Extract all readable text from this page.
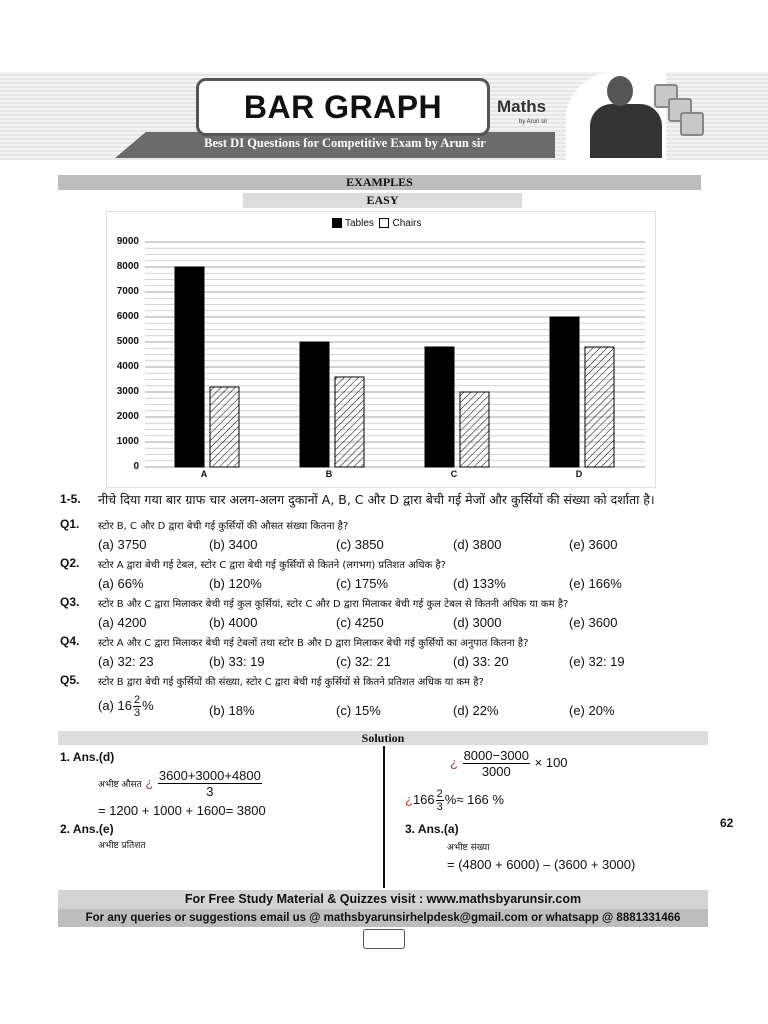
BAR GRAPH
Best DI Questions for Competitive Exam by Arun sir
Maths
by Arun sir
EXAMPLES
EASY
Tables Chairs
0
1000
2000
3000
4000
5000
6000
7000
8000
9000
A	B	C	D
1-5. नीचे दिया गया बार ग्राफ चार अलग-अलग दुकानों A, B, C और D द्वारा बेची गई मेजों और कुर्सियों की संख्या को दर्शाता है।
Q1. स्टोर B, C और D द्वारा बेची गई कुर्सियों की औसत संख्या कितना है?
(a) 3750	(b) 3400	(c) 3850	(d) 3800	(e) 3600
Q2. स्टोर A द्वारा बेची गई टेबल, स्टोर C द्वारा बेची गई कुर्सियों से कितने (लगभग) प्रतिशत अधिक है?
(a) 66%	(b) 120%	(c) 175%	(d) 133%	(e) 166%
Q3. स्टोर B और C द्वारा मिलाकर बेची गई कुल कुर्सियां, स्टोर C और D द्वारा मिलाकर बेची गई कुल टेबल से कितनी अधिक या कम है?
(a) 4200	(b) 4000	(c) 4250	(d) 3000	(e) 3600
Q4. स्टोर A और C द्वारा मिलाकर बेची गई टेबलों तथा स्टोर B और D द्वारा मिलाकर बेची गई कुर्सियों का अनुपात कितना है?
(a) 32: 23	(b) 33: 19	(c) 32: 21	(d) 33: 20	(e) 32: 19
Q5. स्टोर B द्वारा बेची गई कुर्सियों की संख्या, स्टोर C द्वारा बेची गई कुर्सियों से कितने प्रतिशत अधिक या कम है?
(a) $16 \frac{2}{3}$ %	(b) 18%	(c) 15%	(d) 22%	(e) 20%
Solution
1. Ans.(d)
अभीष्ट औसत ¿ $\frac{3600+3000+4800}{3}$
= 1200 + 1000 + 1600= 3800
2. Ans.(e)
अभीष्ट प्रतिशत
¿ $\frac{8000-3000}{3000} \times 100$
¿$166 \frac{2}{3}$ %≈ 166 %
3. Ans.(a)
अभीष्ट संख्या
= (4800 + 6000) – (3600 + 3000)
62
For Free Study Material & Quizzes visit : www.mathsbyarunsir.com
For any queries or suggestions email us @ mathsbyarunsirhelpdesk@gmail.com or whatsapp @ 8881331466
